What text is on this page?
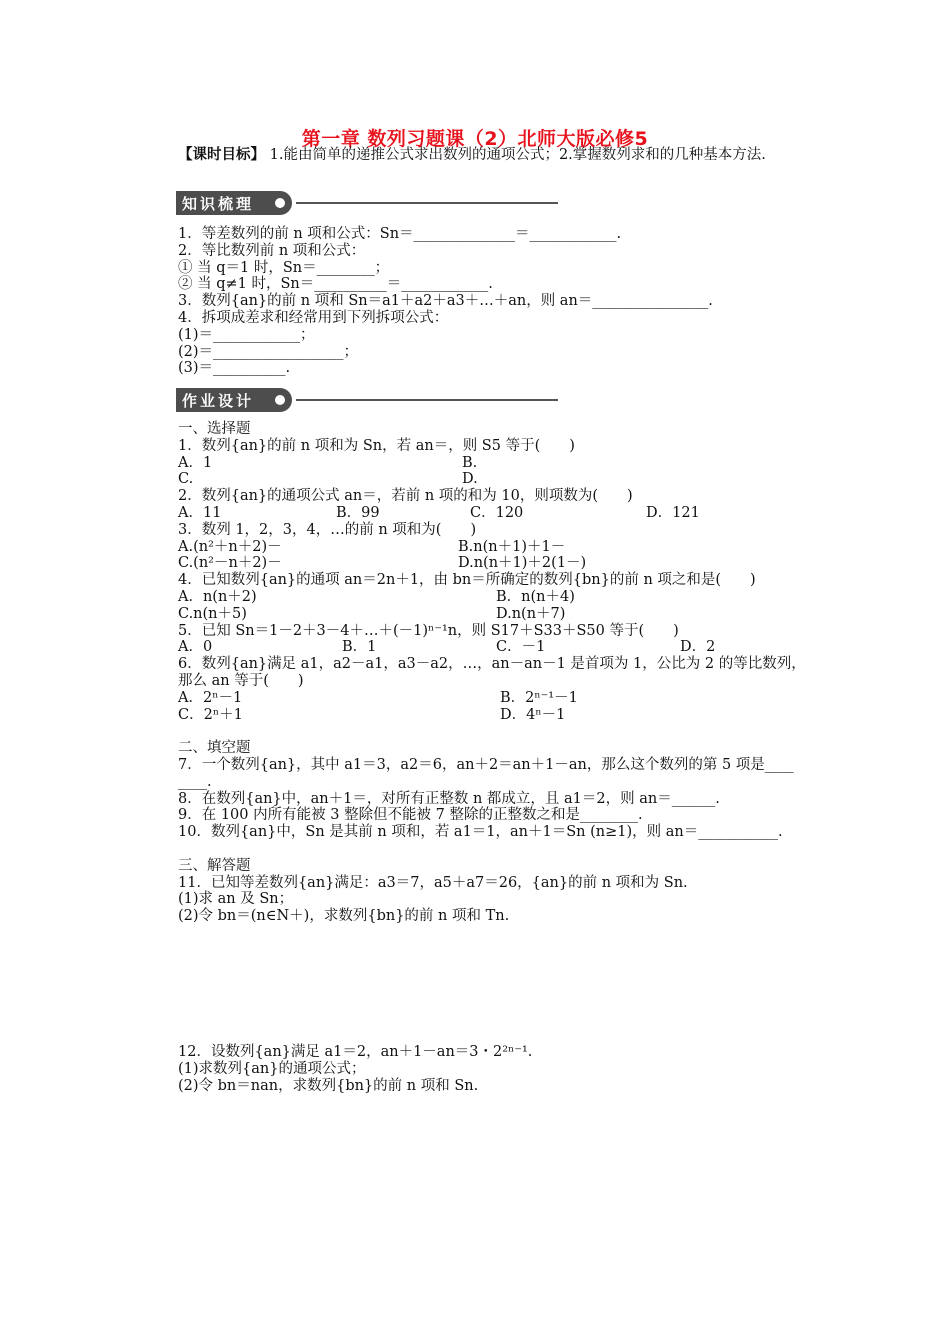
第一章 数列习题课（2）北师大版必修5
【课时目标】 1.能由简单的递推公式求出数列的通项公式；2.掌握数列求和的几种基本方法.
知识梳理
1．等差数列的前 n 项和公式：Sn＝______________＝____________.
2．等比数列前 n 项和公式：
① 当 q＝1 时，Sn＝________；
② 当 q≠1 时，Sn＝__________＝____________.
3．数列{an}的前 n 项和 Sn＝a1＋a2＋a3＋…＋an，则 an＝________________.
4．拆项成差求和经常用到下列拆项公式：
(1)＝____________；
(2)＝__________________；
(3)＝__________.
作业设计
一、选择题
1．数列{an}的前 n 项和为 Sn，若 an＝，则 S5 等于(　　)
A．1	B.
C.	D.
2．数列{an}的通项公式 an＝，若前 n 项的和为 10，则项数为(　　)
A．11	B．99	C．120	D．121
3．数列 1，2，3，4，…的前 n 项和为(　　)
A.(n²＋n＋2)－	B.n(n＋1)＋1－
C.(n²－n＋2)－	D.n(n＋1)＋2(1－)
4．已知数列{an}的通项 an＝2n＋1，由 bn＝所确定的数列{bn}的前 n 项之和是(　　)
A．n(n＋2)	B．n(n＋4)
C.n(n＋5)	D.n(n＋7)
5．已知 Sn＝1－2＋3－4＋…＋(－1)ⁿ⁻¹n，则 S17＋S33＋S50 等于(　　)
A．0	B．1	C．－1	D．2
6．数列{an}满足 a1，a2－a1，a3－a2，…，an－an－1 是首项为 1，公比为 2 的等比数列，
那么 an 等于(　　)
A．2ⁿ－1	B．2ⁿ⁻¹－1
C．2ⁿ＋1	D．4ⁿ－1
二、填空题
7．一个数列{an}，其中 a1＝3，a2＝6，an＋2＝an＋1－an，那么这个数列的第 5 项是____
____.
8．在数列{an}中，an＋1＝，对所有正整数 n 都成立，且 a1＝2，则 an＝______.
9．在 100 内所有能被 3 整除但不能被 7 整除的正整数之和是________.
10．数列{an}中，Sn 是其前 n 项和，若 a1＝1，an＋1＝Sn (n≥1)，则 an＝___________.
三、解答题
11．已知等差数列{an}满足：a3＝7，a5＋a7＝26，{an}的前 n 项和为 Sn.
(1)求 an 及 Sn；
(2)令 bn＝(n∈N＋)，求数列{bn}的前 n 项和 Tn.
12．设数列{an}满足 a1＝2，an＋1－an＝3・2²ⁿ⁻¹.
(1)求数列{an}的通项公式；
(2)令 bn＝nan，求数列{bn}的前 n 项和 Sn.
